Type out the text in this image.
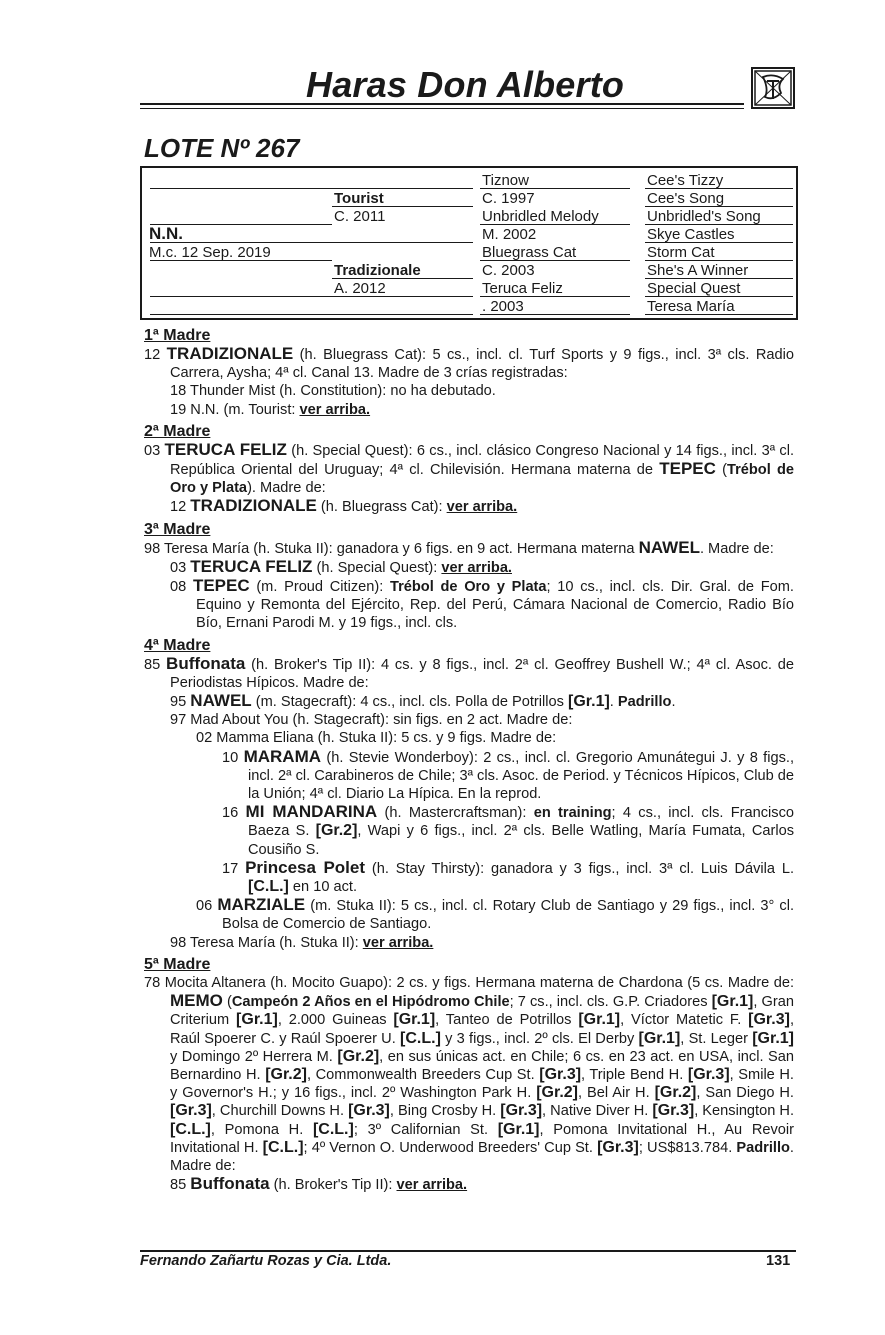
Haras Don Alberto
LOTE Nº 267
Cee's Tizzy
Cee's Song
Unbridled's Song
Skye Castles
Storm Cat
She's A Winner
Special Quest
Teresa María
Tiznow
C. 1997
Unbridled Melody
M. 2002
Bluegrass Cat
C. 2003
Teruca Feliz
. 2003
Tourist
C. 2011
Tradizionale
A. 2012
N.N.
M.c. 12 Sep. 2019
1ª Madre
12 TRADIZIONALE (h. Bluegrass Cat): 5 cs., incl. cl. Turf Sports y 9 figs., incl. 3ª cls. Radio Carrera, Aysha; 4ª cl. Canal 13. Madre de 3 crías registradas:
18 Thunder Mist (h. Constitution): no ha debutado.
19 N.N. (m. Tourist: ver arriba.
2ª Madre
03 TERUCA FELIZ (h. Special Quest): 6 cs., incl. clásico Congreso Nacional y 14 figs., incl. 3ª cl. República Oriental del Uruguay; 4ª cl. Chilevisión. Hermana materna de TEPEC (Trébol de Oro y Plata). Madre de:
12 TRADIZIONALE (h. Bluegrass Cat): ver arriba.
3ª Madre
98 Teresa María (h. Stuka II): ganadora y 6 figs. en 9 act. Hermana materna NAWEL. Madre de:
03 TERUCA FELIZ (h. Special Quest): ver arriba.
08 TEPEC (m. Proud Citizen): Trébol de Oro y Plata; 10 cs., incl. cls. Dir. Gral. de Fom. Equino y Remonta del Ejército, Rep. del Perú, Cámara Nacional de Comercio, Radio Bío Bío, Ernani Parodi M. y 19 figs., incl. cls.
4ª Madre
85 Buffonata (h. Broker's Tip II): 4 cs. y 8 figs., incl. 2ª cl. Geoffrey Bushell W.; 4ª cl. Asoc. de Periodistas Hípicos. Madre de:
95 NAWEL (m. Stagecraft): 4 cs., incl. cls. Polla de Potrillos [Gr.1]. Padrillo.
97 Mad About You (h. Stagecraft): sin figs. en 2 act. Madre de:
02 Mamma Eliana (h. Stuka II): 5 cs. y 9 figs. Madre de:
10 MARAMA (h. Stevie Wonderboy): 2 cs., incl. cl. Gregorio Amunátegui J. y 8 figs., incl. 2ª cl. Carabineros de Chile; 3ª cls. Asoc. de Period. y Técnicos Hípicos, Club de la Unión; 4ª cl. Diario La Hípica. En la reprod.
16 MI MANDARINA (h. Mastercraftsman): en training; 4 cs., incl. cls. Francisco Baeza S. [Gr.2], Wapi y 6 figs., incl. 2ª cls. Belle Watling, María Fumata, Carlos Cousiño S.
17 Princesa Polet (h. Stay Thirsty): ganadora y 3 figs., incl. 3ª cl. Luis Dávila L. [C.L.] en 10 act.
06 MARZIALE (m. Stuka II): 5 cs., incl. cl. Rotary Club de Santiago y 29 figs., incl. 3° cl. Bolsa de Comercio de Santiago.
98 Teresa María (h. Stuka II): ver arriba.
5ª Madre
78 Mocita Altanera (h. Mocito Guapo): 2 cs. y figs. Hermana materna de Chardona (5 cs. Madre de: MEMO (Campeón 2 Años en el Hipódromo Chile; 7 cs., incl. cls. G.P. Criadores [Gr.1], Gran Criterium [Gr.1], 2.000 Guineas [Gr.1], Tanteo de Potrillos [Gr.1], Víctor Matetic F. [Gr.3], Raúl Spoerer C. y Raúl Spoerer U. [C.L.] y 3 figs., incl. 2º cls. El Derby [Gr.1], St. Leger [Gr.1] y Domingo 2º Herrera M. [Gr.2], en sus únicas act. en Chile; 6 cs. en 23 act. en USA, incl. San Bernardino H. [Gr.2], Commonwealth Breeders Cup St. [Gr.3], Triple Bend H. [Gr.3], Smile H. y Governor's H.; y 16 figs., incl. 2º Washington Park H. [Gr.2], Bel Air H. [Gr.2], San Diego H. [Gr.3], Churchill Downs H. [Gr.3], Bing Crosby H. [Gr.3], Native Diver H. [Gr.3], Kensington H. [C.L.], Pomona H. [C.L.]; 3º Californian St. [Gr.1], Pomona Invitational H., Au Revoir Invitational H. [C.L.]; 4º Vernon O. Underwood Breeders' Cup St. [Gr.3]; US$813.784. Padrillo. Madre de:
85 Buffonata (h. Broker's Tip II): ver arriba.
Fernando Zañartu Rozas y Cia. Ltda.	131
